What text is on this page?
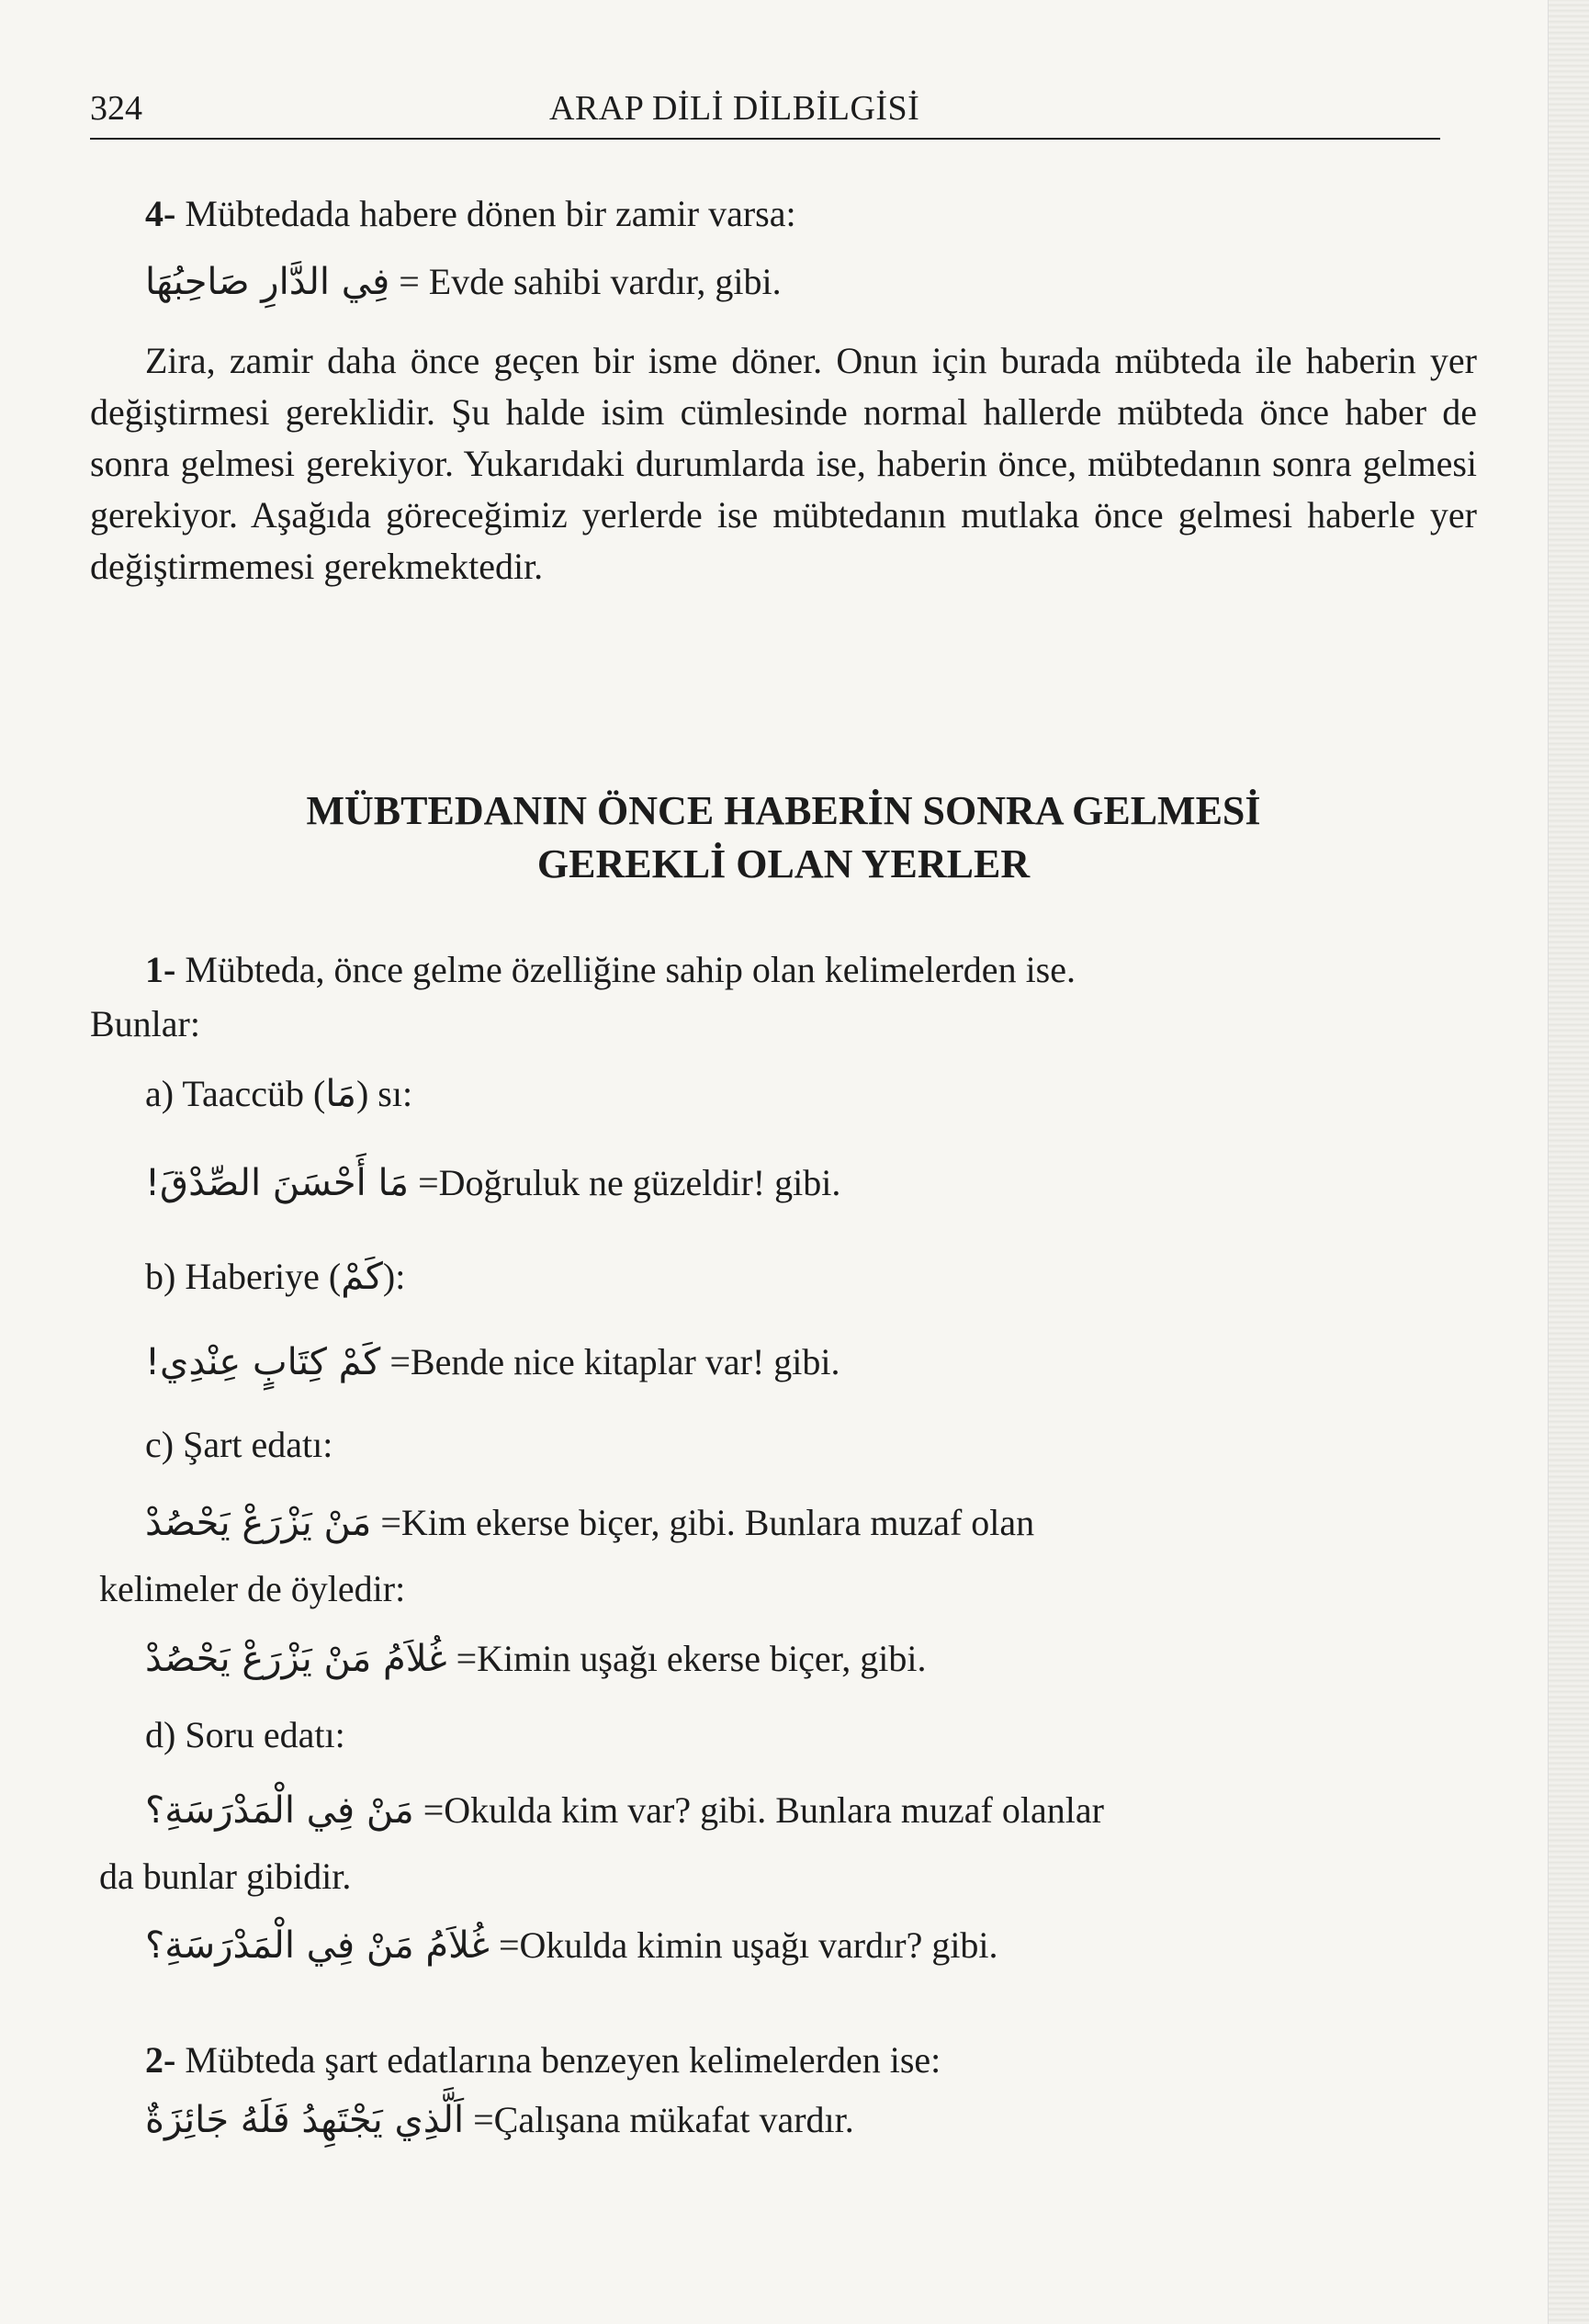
324	ARAP DİLİ DİLBİLGİSİ
4- Mübtedada habere dönen bir zamir varsa:
فِي الدَّارِ صَاحِبُهَا = Evde sahibi vardır, gibi.
Zira, zamir daha önce geçen bir isme döner. Onun için burada mübteda ile haberin yer değiştirmesi gereklidir. Şu halde isim cümlesinde normal hallerde mübteda önce haber de sonra gelmesi gerekiyor. Yukarıdaki durumlarda ise, haberin önce, mübtedanın sonra gelmesi gerekiyor. Aşağıda göreceğimiz yerlerde ise mübtedanın mutlaka önce gelmesi haberle yer değiştirmemesi gerekmektedir.
MÜBTEDANIN ÖNCE HABERİN SONRA GELMESİ
GEREKLİ OLAN YERLER
1- Mübteda, önce gelme özelliğine sahip olan kelimelerden ise.
Bunlar:
a) Taaccüb (مَا) sı:
مَا أَحْسَنَ الصِّدْقَ! =Doğruluk ne güzeldir! gibi.
b) Haberiye (كَمْ):
كَمْ كِتَابٍ عِنْدِي! =Bende nice kitaplar var! gibi.
c) Şart edatı:
مَنْ يَزْرَعْ يَحْصُدْ =Kim ekerse biçer, gibi. Bunlara muzaf olan
kelimeler de öyledir:
غُلاَمُ مَنْ يَزْرَعْ يَحْصُدْ =Kimin uşağı ekerse biçer, gibi.
d) Soru edatı:
مَنْ فِي الْمَدْرَسَةِ؟ =Okulda kim var? gibi. Bunlara muzaf olanlar
da bunlar gibidir.
غُلاَمُ مَنْ فِي الْمَدْرَسَةِ؟ =Okulda kimin uşağı vardır? gibi.
2- Mübteda şart edatlarına benzeyen kelimelerden ise:
اَلَّذِي يَجْتَهِدُ فَلَهُ جَائِزَةٌ =Çalışana mükafat vardır.
